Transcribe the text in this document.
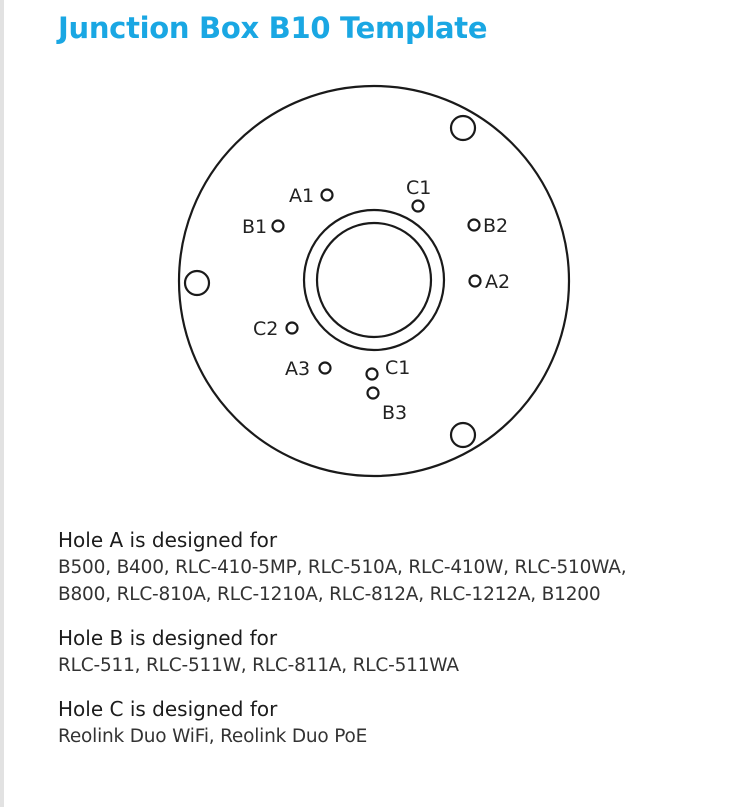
Junction Box B10 Template
A1	C1
B1	B2
A2
C2
A3	C1
B3
Hole A is designed for
B500, B400, RLC-410-5MP, RLC-510A, RLC-410W, RLC-510WA,
B800, RLC-810A, RLC-1210A, RLC-812A, RLC-1212A, B1200
Hole B is designed for
RLC-511, RLC-511W, RLC-811A, RLC-511WA
Hole C is designed for
Reolink Duo WiFi, Reolink Duo PoE
